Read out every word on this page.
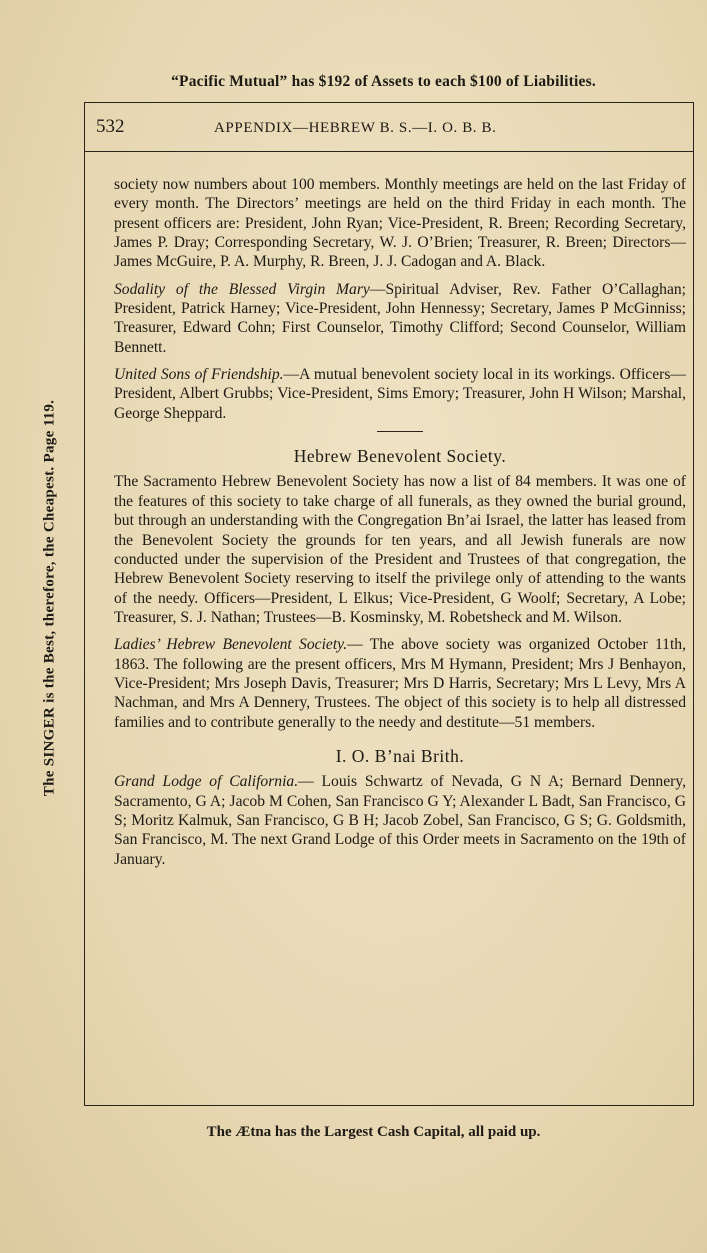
“Pacific Mutual” has $192 of Assets to each $100 of Liabilities.
The SINGER is the Best, therefore, the Cheapest. Page 119.
532	APPENDIX—HEBREW B. S.—I. O. B. B.

society now numbers about 100 members. Monthly meetings are held on the last Friday of every month. The Directors’ meetings are held on the third Friday in each month. The present officers are: President, John Ryan; Vice-President, R. Breen; Recording Secretary, James P. Dray; Corresponding Secretary, W. J. O’Brien; Treasurer, R. Breen; Directors—James McGuire, P. A. Murphy, R. Breen, J. J. Cadogan and A. Black.

Sodality of the Blessed Virgin Mary—Spiritual Adviser, Rev. Father O’Callaghan; President, Patrick Harney; Vice-President, John Hennessy; Secretary, James P McGinniss; Treasurer, Edward Cohn; First Counselor, Timothy Clifford; Second Counselor, William Bennett.

United Sons of Friendship.—A mutual benevolent society local in its workings. Officers—President, Albert Grubbs; Vice-President, Sims Emory; Treasurer, John H Wilson; Marshal, George Sheppard.

Hebrew Benevolent Society.

The Sacramento Hebrew Benevolent Society has now a list of 84 members. It was one of the features of this society to take charge of all funerals, as they owned the burial ground, but through an understanding with the Congregation Bn’ai Israel, the latter has leased from the Benevolent Society the grounds for ten years, and all Jewish funerals are now conducted under the supervision of the President and Trustees of that congregation, the Hebrew Benevolent Society reserving to itself the privilege only of attending to the wants of the needy. Officers—President, L Elkus; Vice-President, G Woolf; Secretary, A Lobe; Treasurer, S. J. Nathan; Trustees—B. Kosminsky, M. Robetsheck and M. Wilson.

Ladies’ Hebrew Benevolent Society.— The above society was organized October 11th, 1863. The following are the present officers, Mrs M Hymann, President; Mrs J Benhayon, Vice-President; Mrs Joseph Davis, Treasurer; Mrs D Harris, Secretary; Mrs L Levy, Mrs A Nachman, and Mrs A Dennery, Trustees. The object of this society is to help all distressed families and to contribute generally to the needy and destitute—51 members.

I. O. B’nai Brith.

Grand Lodge of California.— Louis Schwartz of Nevada, G N A; Bernard Dennery, Sacramento, G A; Jacob M Cohen, San Francisco G Y; Alexander L Badt, San Francisco, G S; Moritz Kalmuk, San Francisco, G B H; Jacob Zobel, San Francisco, G S; G. Goldsmith, San Francisco, M. The next Grand Lodge of this Order meets in Sacramento on the 19th of January.

The Ætna has the Largest Cash Capital, all paid up.
